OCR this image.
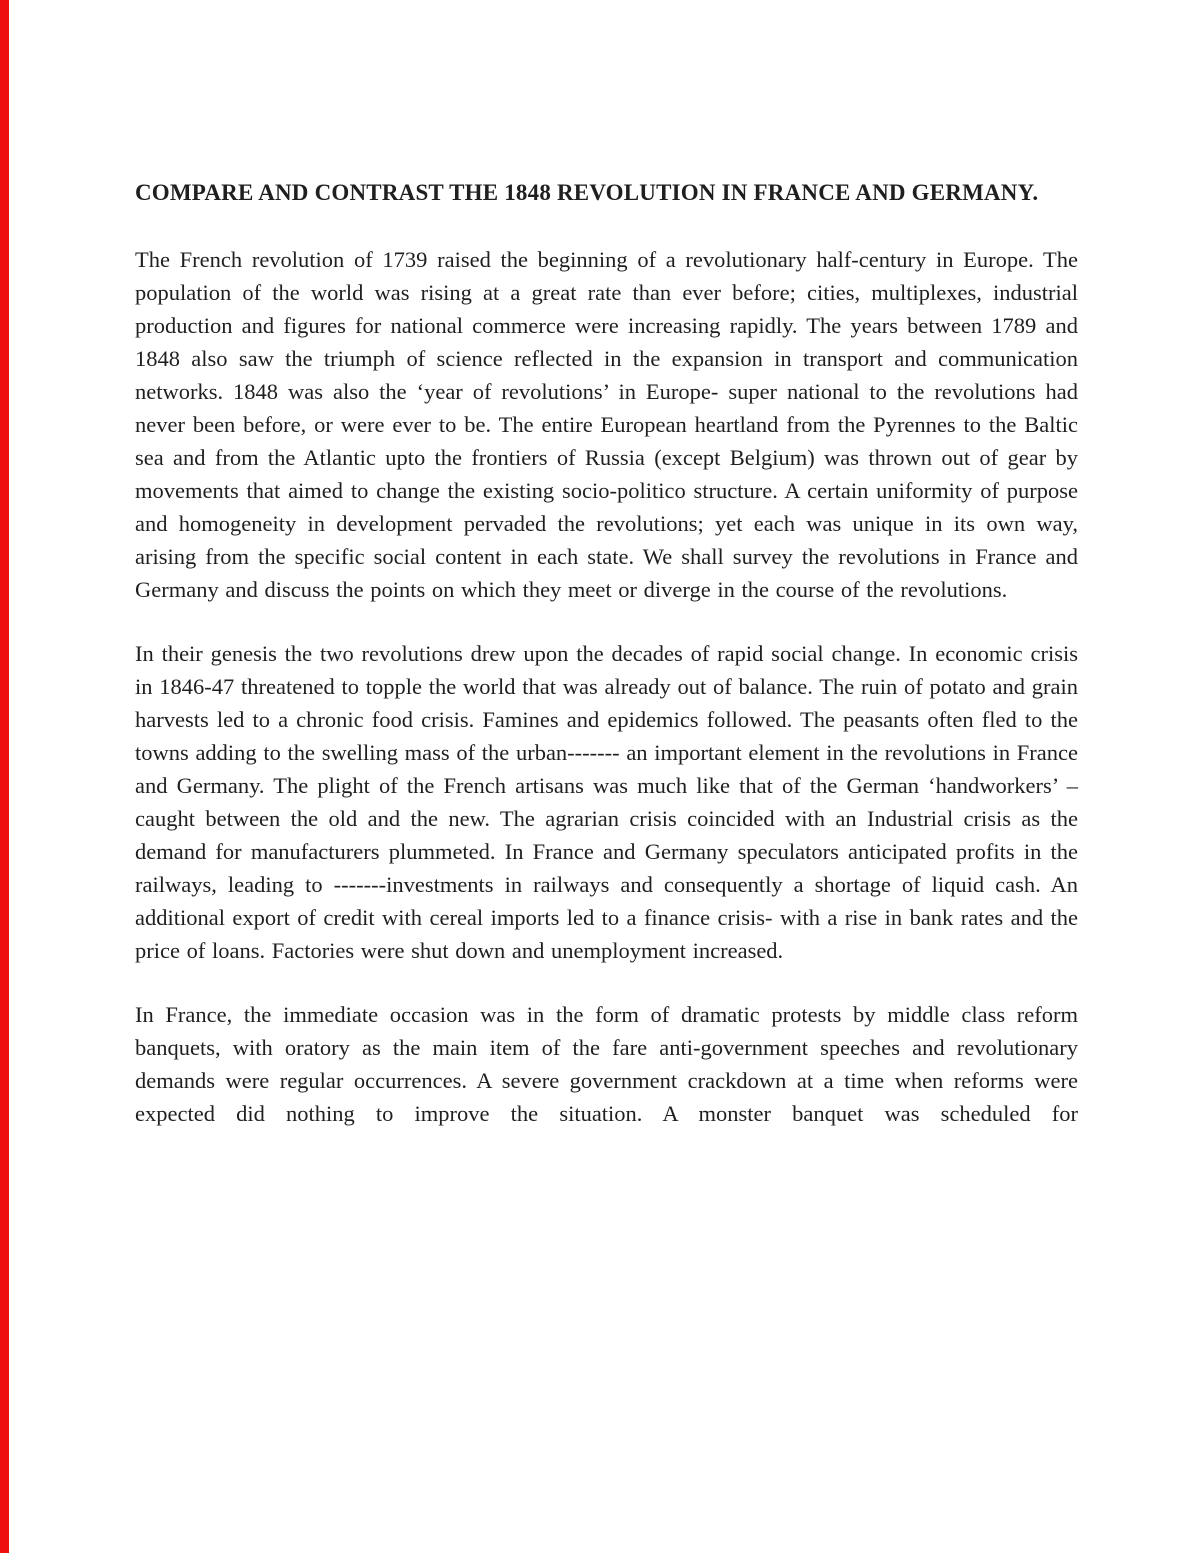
COMPARE AND CONTRAST THE 1848 REVOLUTION IN FRANCE AND GERMANY.

The French revolution of 1739 raised the beginning of a revolutionary half-century in Europe. The population of the world was rising at a great rate than ever before; cities, multiplexes, industrial production and figures for national commerce were increasing rapidly. The years between 1789 and 1848 also saw the triumph of science reflected in the expansion in transport and communication networks. 1848 was also the ‘year of revolutions’ in Europe- super national to the revolutions had never been before, or were ever to be. The entire European heartland from the Pyrennes to the Baltic sea and from the Atlantic upto the frontiers of Russia (except Belgium) was thrown out of gear by movements that aimed to change the existing socio-politico structure. A certain uniformity of purpose and homogeneity in development pervaded the revolutions; yet each was unique in its own way, arising from the specific social content in each state. We shall survey the revolutions in France and Germany and discuss the points on which they meet or diverge in the course of the revolutions.

In their genesis the two revolutions drew upon the decades of rapid social change. In economic crisis in 1846-47 threatened to topple the world that was already out of balance. The ruin of potato and grain harvests led to a chronic food crisis. Famines and epidemics followed. The peasants often fled to the towns adding to the swelling mass of the urban------- an important element in the revolutions in France and Germany. The plight of the French artisans was much like that of the German ‘handworkers’ –caught between the old and the new. The agrarian crisis coincided with an Industrial crisis as the demand for manufacturers plummeted. In France and Germany speculators anticipated profits in the railways, leading to -------investments in railways and consequently a shortage of liquid cash. An additional export of credit with cereal imports led to a finance crisis- with a rise in bank rates and the price of loans. Factories were shut down and unemployment increased.

In France, the immediate occasion was in the form of dramatic protests by middle class reform banquets, with oratory as the main item of the fare anti-government speeches and revolutionary demands were regular occurrences. A severe government crackdown at a time when reforms were expected did nothing to improve the situation. A monster banquet was scheduled for
